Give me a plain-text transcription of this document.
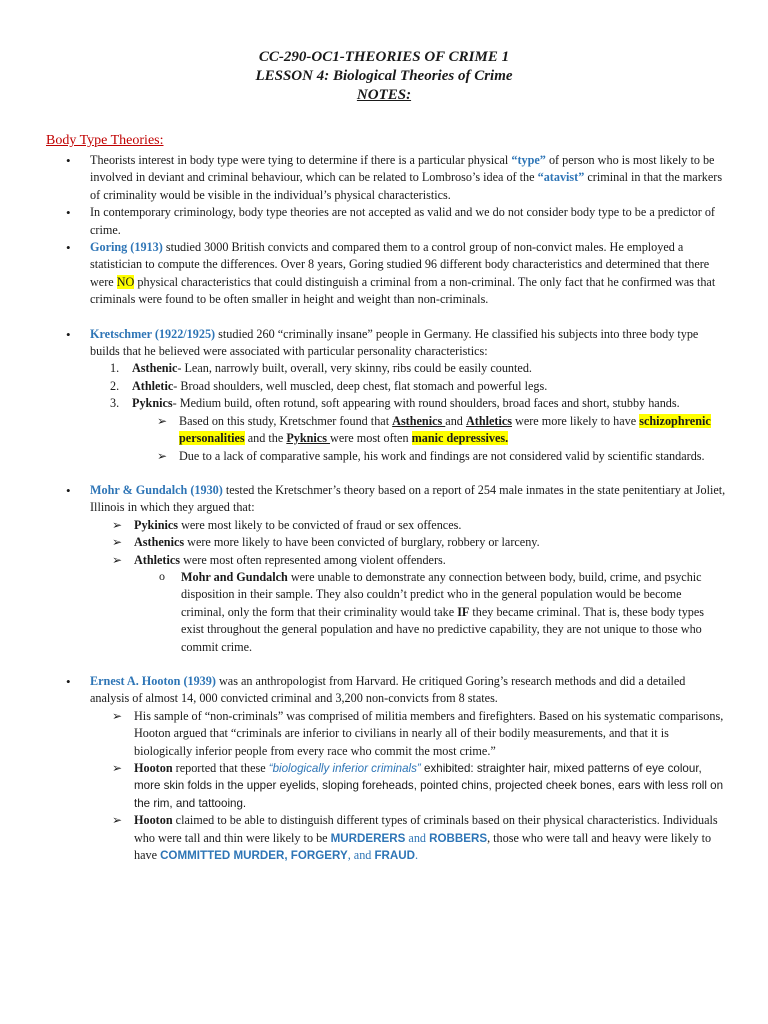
CC-290-OC1-THEORIES OF CRIME 1
LESSON 4: Biological Theories of Crime
NOTES:
Body Type Theories:
• Theorists interest in body type were tying to determine if there is a particular physical “type” of person who is most likely to be involved in deviant and criminal behaviour, which can be related to Lombroso’s idea of the “atavist” criminal in that the markers of criminality would be visible in the individual’s physical characteristics.
• In contemporary criminology, body type theories are not accepted as valid and we do not consider body type to be a predictor of crime.
• Goring (1913) studied 3000 British convicts and compared them to a control group of non-convict males. He employed a statistician to compute the differences. Over 8 years, Goring studied 96 different body characteristics and determined that there were NO physical characteristics that could distinguish a criminal from a non-criminal. The only fact that he confirmed was that criminals were found to be often smaller in height and weight than non-criminals.
• Kretschmer (1922/1925) studied 260 “criminally insane” people in Germany. He classified his subjects into three body type builds that he believed were associated with particular personality characteristics:
1. Asthenic- Lean, narrowly built, overall, very skinny, ribs could be easily counted.
2. Athletic- Broad shoulders, well muscled, deep chest, flat stomach and powerful legs.
3. Pyknics- Medium build, often rotund, soft appearing with round shoulders, broad faces and short, stubby hands.
➢ Based on this study, Kretschmer found that Asthenics and Athletics were more likely to have schizophrenic personalities and the Pyknics were most often manic depressives.
➢ Due to a lack of comparative sample, his work and findings are not considered valid by scientific standards.
• Mohr & Gundalch (1930) tested the Kretschmer’s theory based on a report of 254 male inmates in the state penitentiary at Joliet, Illinois in which they argued that:
➢ Pykinics were most likely to be convicted of fraud or sex offences.
➢ Asthenics were more likely to have been convicted of burglary, robbery or larceny.
➢ Athletics were most often represented among violent offenders.
o Mohr and Gundalch were unable to demonstrate any connection between body, build, crime, and psychic disposition in their sample. They also couldn’t predict who in the general population would be become criminal, only the form that their criminality would take IF they became criminal. That is, these body types exist throughout the general population and have no predictive capability, they are not unique to those who commit crime.
• Ernest A. Hooton (1939) was an anthropologist from Harvard. He critiqued Goring’s research methods and did a detailed analysis of almost 14, 000 convicted criminal and 3,200 non-convicts from 8 states.
➢ His sample of “non-criminals” was comprised of militia members and firefighters. Based on his systematic comparisons, Hooton argued that “criminals are inferior to civilians in nearly all of their bodily measurements, and that it is biologically inferior people from every race who commit the most crime.”
➢ Hooton reported that these “biologically inferior criminals” exhibited: straighter hair, mixed patterns of eye colour, more skin folds in the upper eyelids, sloping foreheads, pointed chins, projected cheek bones, ears with less roll on the rim, and tattooing.
➢ Hooton claimed to be able to distinguish different types of criminals based on their physical characteristics. Individuals who were tall and thin were likely to be MURDERERS and ROBBERS, those who were tall and heavy were likely to have COMMITTED MURDER, FORGERY, and FRAUD.
